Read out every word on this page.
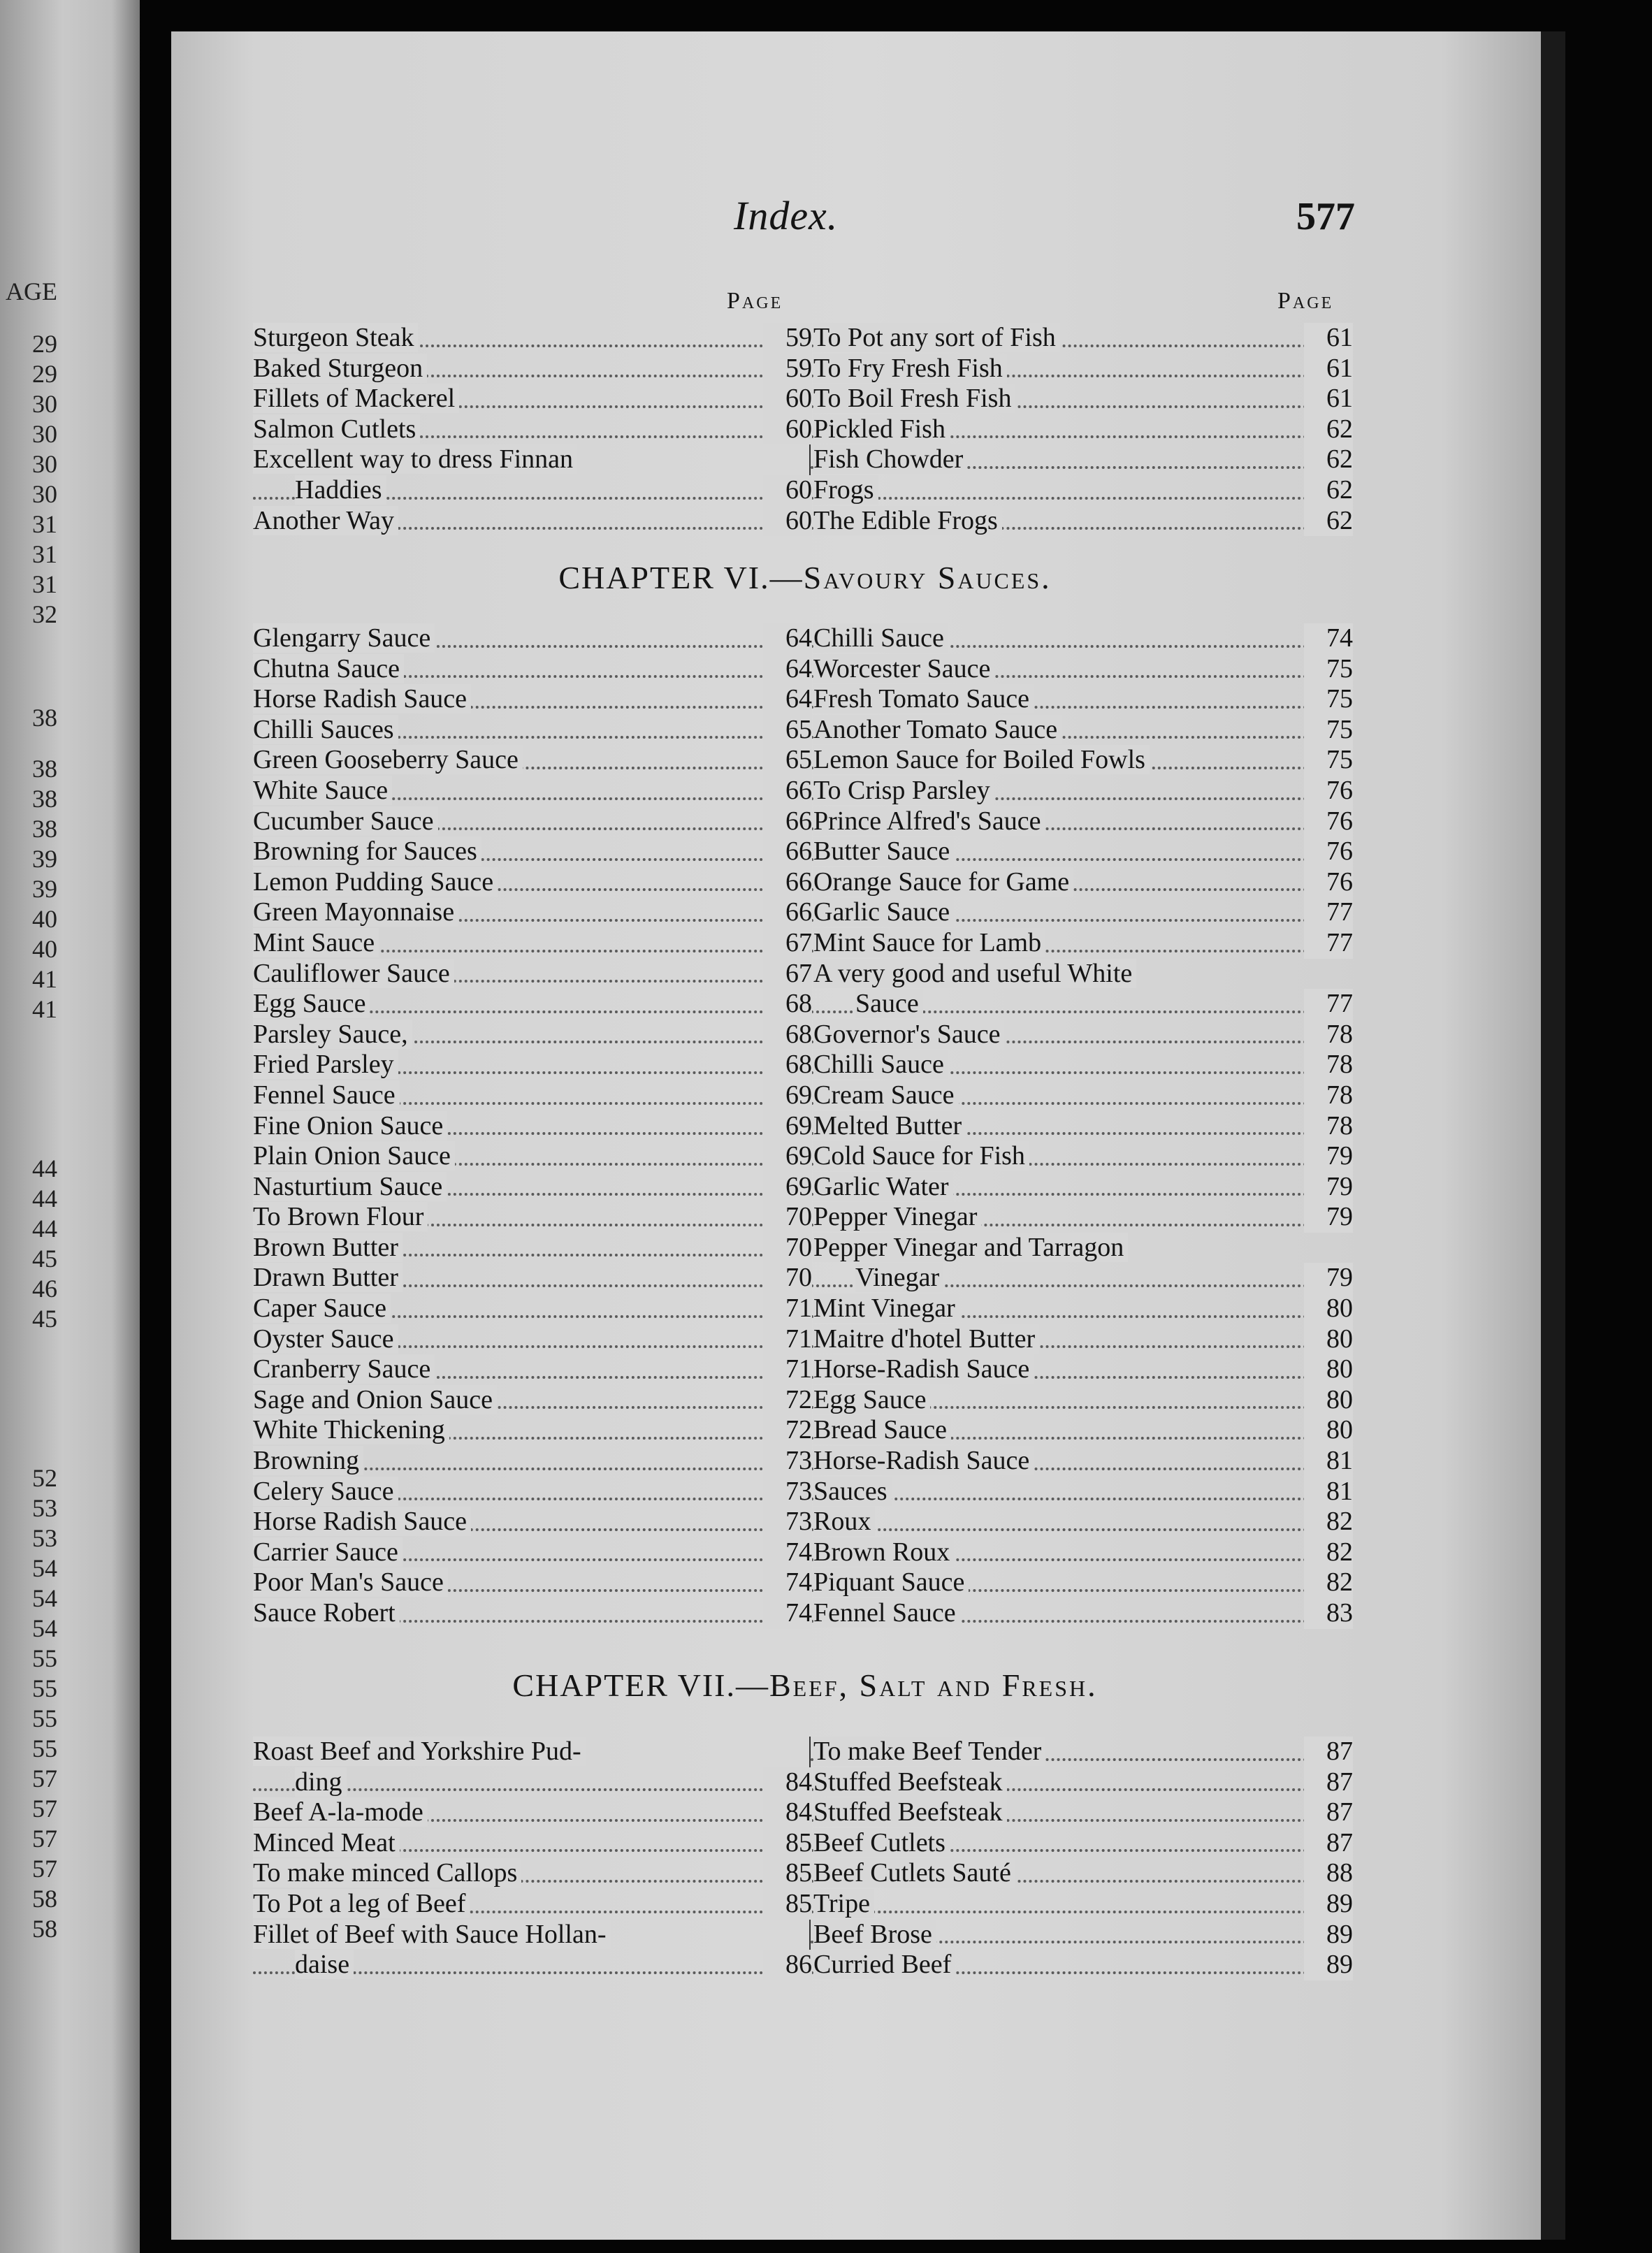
AGE
29
29
30
30
30
30
31
31
31
32
38
38
38
38
39
39
40
40
41
41
44
44
44
45
46
45
52
53
53
54
54
54
55
55
55
55
57
57
57
57
58
58
Index.	577
Page	Page
Sturgeon Steak	59
Baked Sturgeon	59
Fillets of Mackerel	60
Salmon Cutlets	60
Excellent way to dress Finnan
Haddies	60
Another Way	60
To Pot any sort of Fish	61
To Fry Fresh Fish	61
To Boil Fresh Fish	61
Pickled Fish	62
Fish Chowder	62
Frogs	62
The Edible Frogs	62
CHAPTER VI.—Savoury Sauces.
Glengarry Sauce	64
Chutna Sauce	64
Horse Radish Sauce	64
Chilli Sauces	65
Green Gooseberry Sauce	65
White Sauce	66
Cucumber Sauce	66
Browning for Sauces	66
Lemon Pudding Sauce	66
Green Mayonnaise	66
Mint Sauce	67
Cauliflower Sauce	67
Egg Sauce	68
Parsley Sauce,	68
Fried Parsley	68
Fennel Sauce	69
Fine Onion Sauce	69
Plain Onion Sauce	69
Nasturtium Sauce	69
To Brown Flour	70
Brown Butter	70
Drawn Butter	70
Caper Sauce	71
Oyster Sauce	71
Cranberry Sauce	71
Sage and Onion Sauce	72
White Thickening	72
Browning	73
Celery Sauce	73
Horse Radish Sauce	73
Carrier Sauce	74
Poor Man's Sauce	74
Sauce Robert	74
Chilli Sauce	74
Worcester Sauce	75
Fresh Tomato Sauce	75
Another Tomato Sauce	75
Lemon Sauce for Boiled Fowls	75
To Crisp Parsley	76
Prince Alfred's Sauce	76
Butter Sauce	76
Orange Sauce for Game	76
Garlic Sauce	77
Mint Sauce for Lamb	77
A very good and useful White
Sauce	77
Governor's Sauce	78
Chilli Sauce	78
Cream Sauce	78
Melted Butter	78
Cold Sauce for Fish	79
Garlic Water	79
Pepper Vinegar	79
Pepper Vinegar and Tarragon
Vinegar	79
Mint Vinegar	80
Maitre d'hotel Butter	80
Horse-Radish Sauce	80
Egg Sauce	80
Bread Sauce	80
Horse-Radish Sauce	81
Sauces	81
Roux	82
Brown Roux	82
Piquant Sauce	82
Fennel Sauce	83
CHAPTER VII.—Beef, Salt and Fresh.
Roast Beef and Yorkshire Pud-
ding	84
Beef A-la-mode	84
Minced Meat	85
To make minced Callops	85
To Pot a leg of Beef	85
Fillet of Beef with Sauce Hollan-
daise	86
To make Beef Tender	87
Stuffed Beefsteak	87
Stuffed Beefsteak	87
Beef Cutlets	87
Beef Cutlets Sauté	88
Tripe	89
Beef Brose	89
Curried Beef	89
